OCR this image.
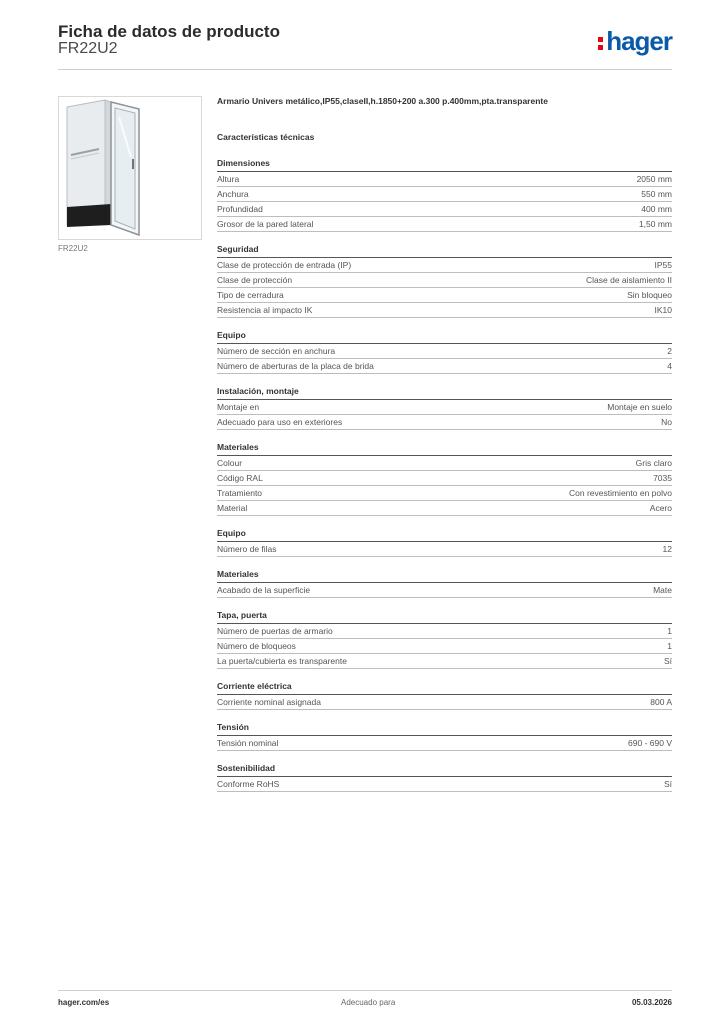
Ficha de datos de producto
FR22U2	hager
FR22U2
Armario Univers metálico,IP55,claseII,h.1850+200 a.300 p.400mm,pta.transparente
Características técnicas
Dimensiones
Altura	2050 mm
Anchura	550 mm
Profundidad	400 mm
Grosor de la pared lateral	1,50 mm
Seguridad
Clase de protección de entrada (IP)	IP55
Clase de protección	Clase de aislamiento II
Tipo de cerradura	Sin bloqueo
Resistencia al impacto IK	IK10
Equipo
Número de sección en anchura	2
Número de aberturas de la placa de brida	4
Instalación, montaje
Montaje en	Montaje en suelo
Adecuado para uso en exteriores	No
Materiales
Colour	Gris claro
Código RAL	7035
Tratamiento	Con revestimiento en polvo
Material	Acero
Equipo
Número de filas	12
Materiales
Acabado de la superficie	Mate
Tapa, puerta
Número de puertas de armario	1
Número de bloqueos	1
La puerta/cubierta es transparente	Sí
Corriente eléctrica
Corriente nominal asignada	800 A
Tensión
Tensión nominal	690 - 690 V
Sostenibilidad
Conforme RoHS	Sí
hager.com/es	Adecuado para	05.03.2026
